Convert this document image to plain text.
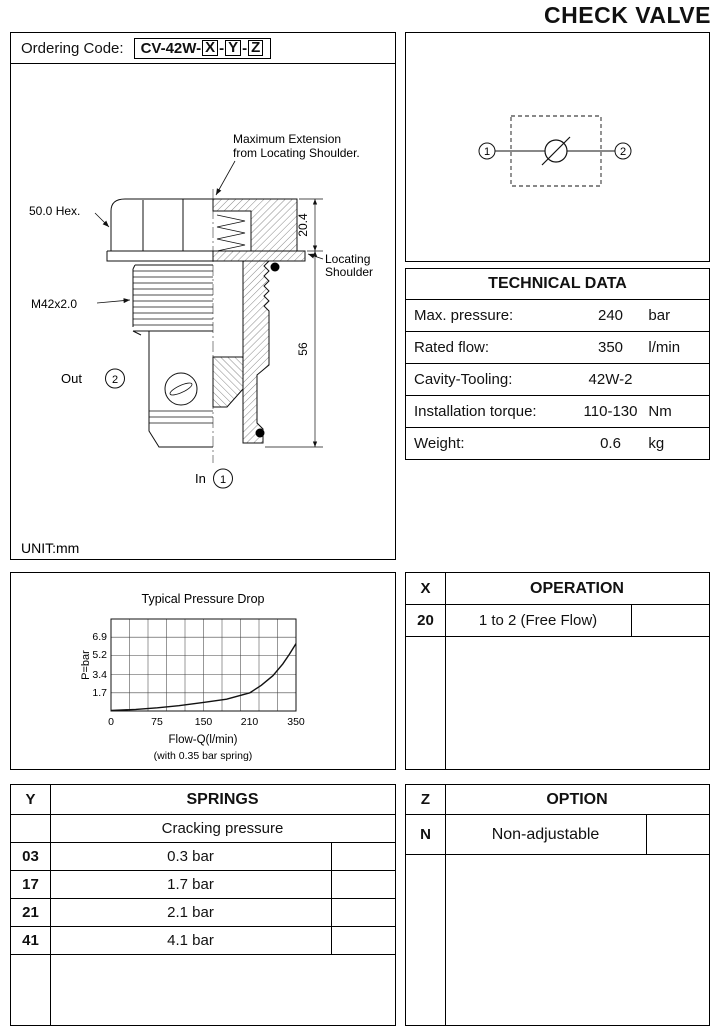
CHECK VALVE
Ordering Code: CV-42W- X - Y - Z
20.4
56
Maximum Extension
from Locating Shoulder.
50.0 Hex.
M42x2.0
Out	2
In 1
Locating
Shoulder
UNIT:mm
1	2
TECHNICAL DATA
Max. pressure:	240	bar
Rated flow:	350	l/min
Cavity-Tooling:	42W-2
Installation torque:	110-130 Nm
Weight:	0.6	kg
Typical Pressure Drop
6.9
5.2
3.4
1.7
P=bar
0	75	150	210	350
Flow-Q(l/min)
(with 0.35 bar spring)
X	OPERATION
20	1 to 2 (Free Flow)
Y	SPRINGS
Cracking pressure
03	0.3 bar
17	1.7 bar
21	2.1 bar
41	4.1 bar
Z	OPTION
N	Non-adjustable
